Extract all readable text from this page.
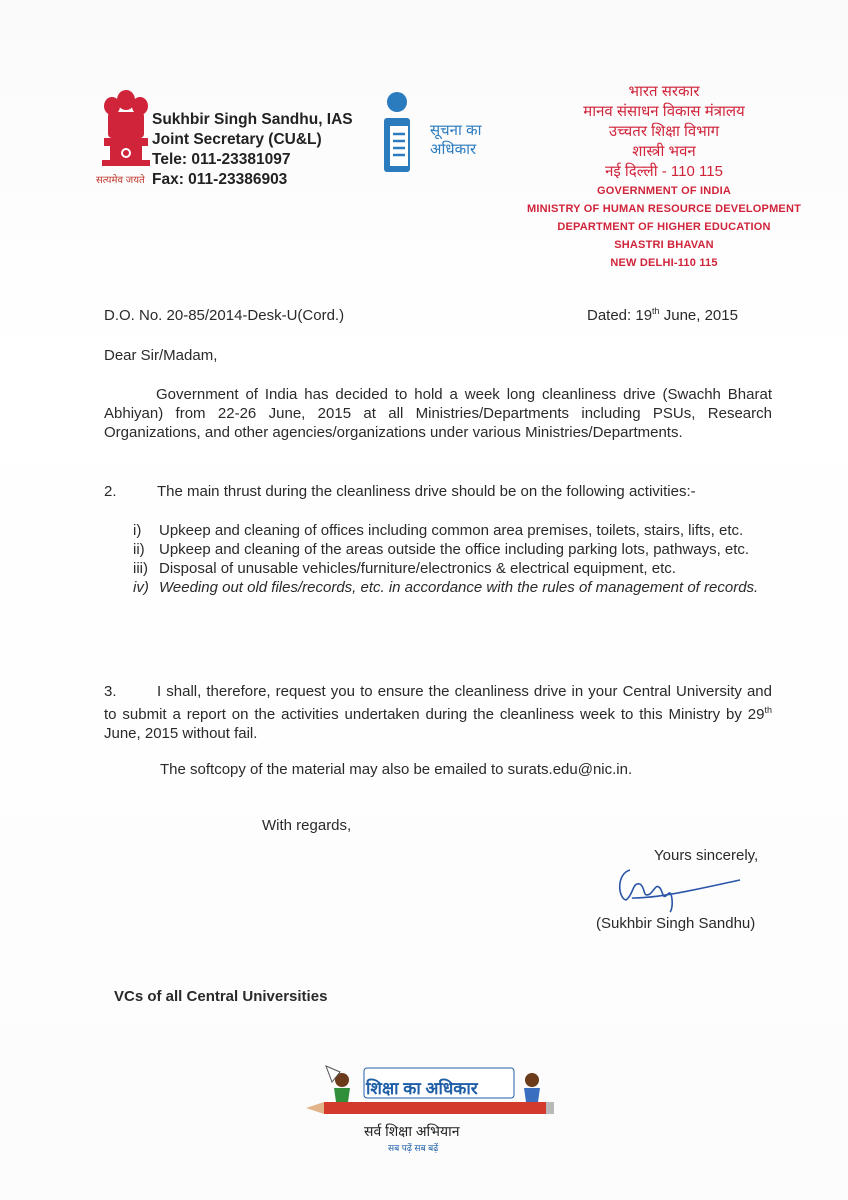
सत्यमेव जयते
Sukhbir Singh Sandhu, IAS
Joint Secretary (CU&L)
Tele: 011-23381097
Fax: 011-23386903
सूचना का
अधिकार
भारत सरकार
मानव संसाधन विकास मंत्रालय
उच्चतर शिक्षा विभाग
शास्त्री भवन
नई दिल्ली - 110 115
GOVERNMENT OF INDIA
MINISTRY OF HUMAN RESOURCE DEVELOPMENT
DEPARTMENT OF HIGHER EDUCATION
SHASTRI BHAVAN
NEW DELHI-110 115
D.O. No. 20-85/2014-Desk-U(Cord.)	Dated: 19th June, 2015
Dear Sir/Madam,
Government of India has decided to hold a week long cleanliness drive (Swachh Bharat Abhiyan) from 22-26 June, 2015 at all Ministries/Departments including PSUs, Research Organizations, and other agencies/organizations under various Ministries/Departments.
2.	The main thrust during the cleanliness drive should be on the following activities:-
i)	Upkeep and cleaning of offices including common area premises, toilets, stairs, lifts, etc.
ii) Upkeep and cleaning of the areas outside the office including parking lots, pathways, etc.
iii) Disposal of unusable vehicles/furniture/electronics & electrical equipment, etc.
iv) Weeding out old files/records, etc. in accordance with the rules of management of records.
3.	I shall, therefore, request you to ensure the cleanliness drive in your Central University and to submit a report on the activities undertaken during the cleanliness week to this Ministry by 29th June, 2015 without fail.
The softcopy of the material may also be emailed to surats.edu@nic.in.
With regards,
Yours sincerely,
(Sukhbir Singh Sandhu)
VCs of all Central Universities
शिक्षा का अधिकार
सर्व शिक्षा अभियान
सब पढ़ें सब बढ़ें
